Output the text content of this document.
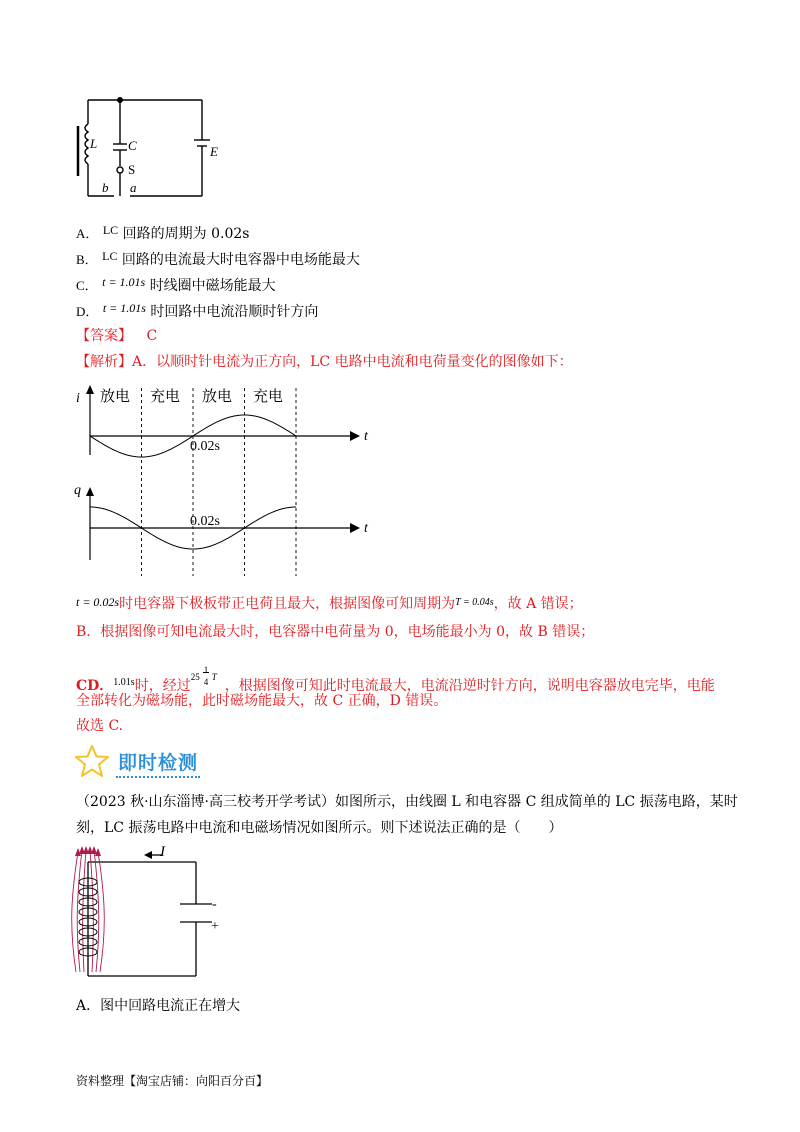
L C
S
E
b a
A． LC 回路的周期为 0.02s
B． LC 回路的电流最大时电容器中电场能最大
C． t = 1.01s 时线圈中磁场能最大
D． t = 1.01s 时回路中电流沿顺时针方向
【答案】 C
【解析】A．以顺时针电流为正方向，LC 电路中电流和电荷量变化的图像如下：
i
q
t
t
放电 充电 放电 充电
0.02s
0.02s
t = 0.02s时电容器下极板带正电荷且最大，根据图像可知周期为$^{T = 0.04s}$，故 A 错误；
B．根据图像可知电流最大时，电容器中电荷量为 0，电场能最小为 0，故 B 错误；
CD．$^{1.01s}$时，经过
25
1
4 T
，根据图像可知此时电流最大，电流沿逆时针方向，说明电容器放电完毕，电能
全部转化为磁场能，此时磁场能最大，故 C 正确，D 错误。
故选 C.
即时检测
（2023 秋·山东淄博·高三校考开学考试）如图所示，由线圈 L 和电容器 C 组成简单的 LC 振荡电路，某时
刻，LC 振荡电路中电流和电磁场情况如图所示。则下述说法正确的是（　　）
I
-
+
A．图中回路电流正在增大
资料整理【淘宝店铺：向阳百分百】
